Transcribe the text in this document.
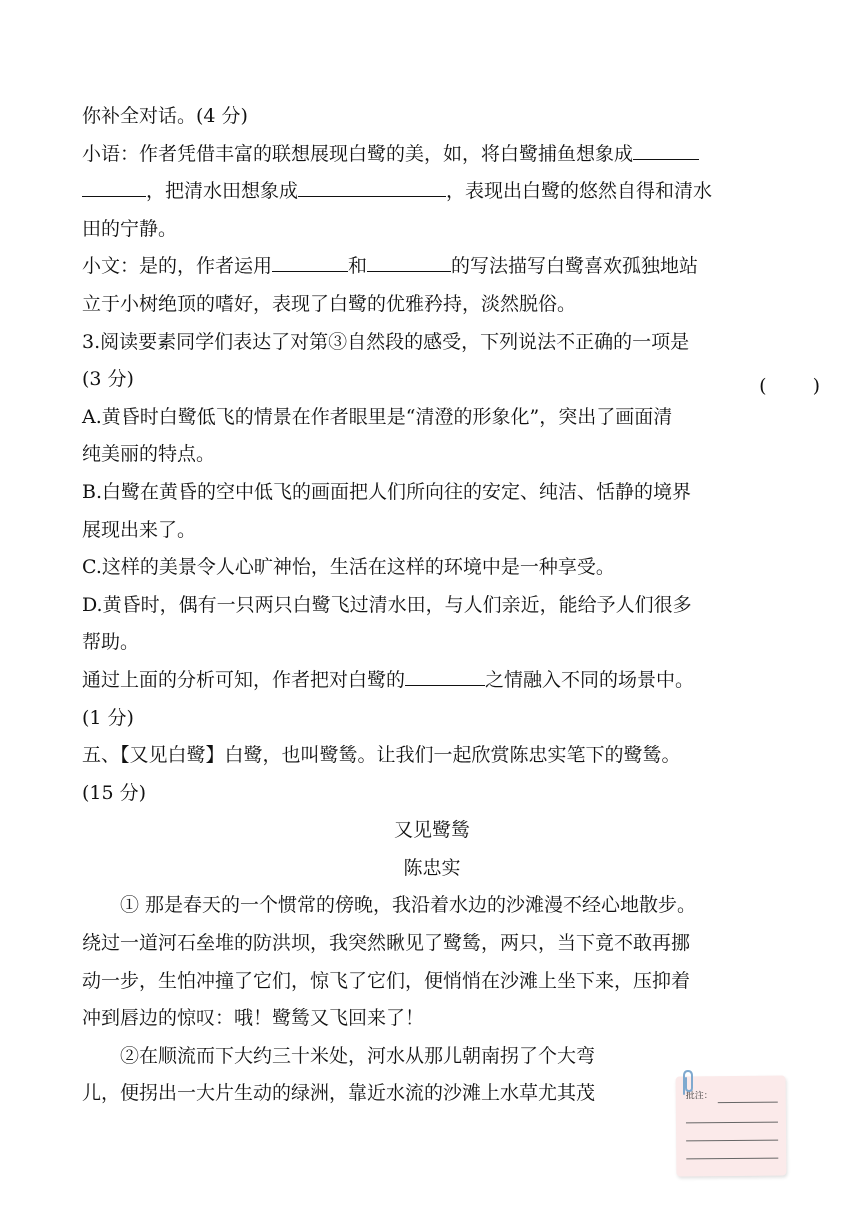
你补全对话。(4 分)
小语：作者凭借丰富的联想展现白鹭的美，如，将白鹭捕鱼想象成
，把清水田想象成	，表现出白鹭的悠然自得和清水
田的宁静。
小文：是的，作者运用	和	的写法描写白鹭喜欢孤独地站
立于小树绝顶的嗜好，表现了白鹭的优雅矜持，淡然脱俗。
3.阅读要素同学们表达了对第③自然段的感受，下列说法不正确的一项是
(3 分)
A.黄昏时白鹭低飞的情景在作者眼里是“清澄的形象化”，突出了画面清
纯美丽的特点。
B.白鹭在黄昏的空中低飞的画面把人们所向往的安定、纯洁、恬静的境界
展现出来了。
C.这样的美景令人心旷神怡，生活在这样的环境中是一种享受。
D.黄昏时，偶有一只两只白鹭飞过清水田，与人们亲近，能给予人们很多
帮助。
通过上面的分析可知，作者把对白鹭的	之情融入不同的场景中。
(1 分)
五、【又见白鹭】白鹭，也叫鹭鸶。让我们一起欣赏陈忠实笔下的鹭鸶。
(15 分)
又见鹭鸶
陈忠实
① 那是春天的一个惯常的傍晚，我沿着水边的沙滩漫不经心地散步。
绕过一道河石垒堆的防洪坝，我突然瞅见了鹭鸶，两只，当下竟不敢再挪
动一步，生怕冲撞了它们，惊飞了它们，便悄悄在沙滩上坐下来，压抑着
冲到唇边的惊叹：哦！鹭鸶又飞回来了！
②在顺流而下大约三十米处，河水从那儿朝南拐了个大弯
儿，便拐出一大片生动的绿洲，靠近水流的沙滩上水草尤其茂
( )
批注：
